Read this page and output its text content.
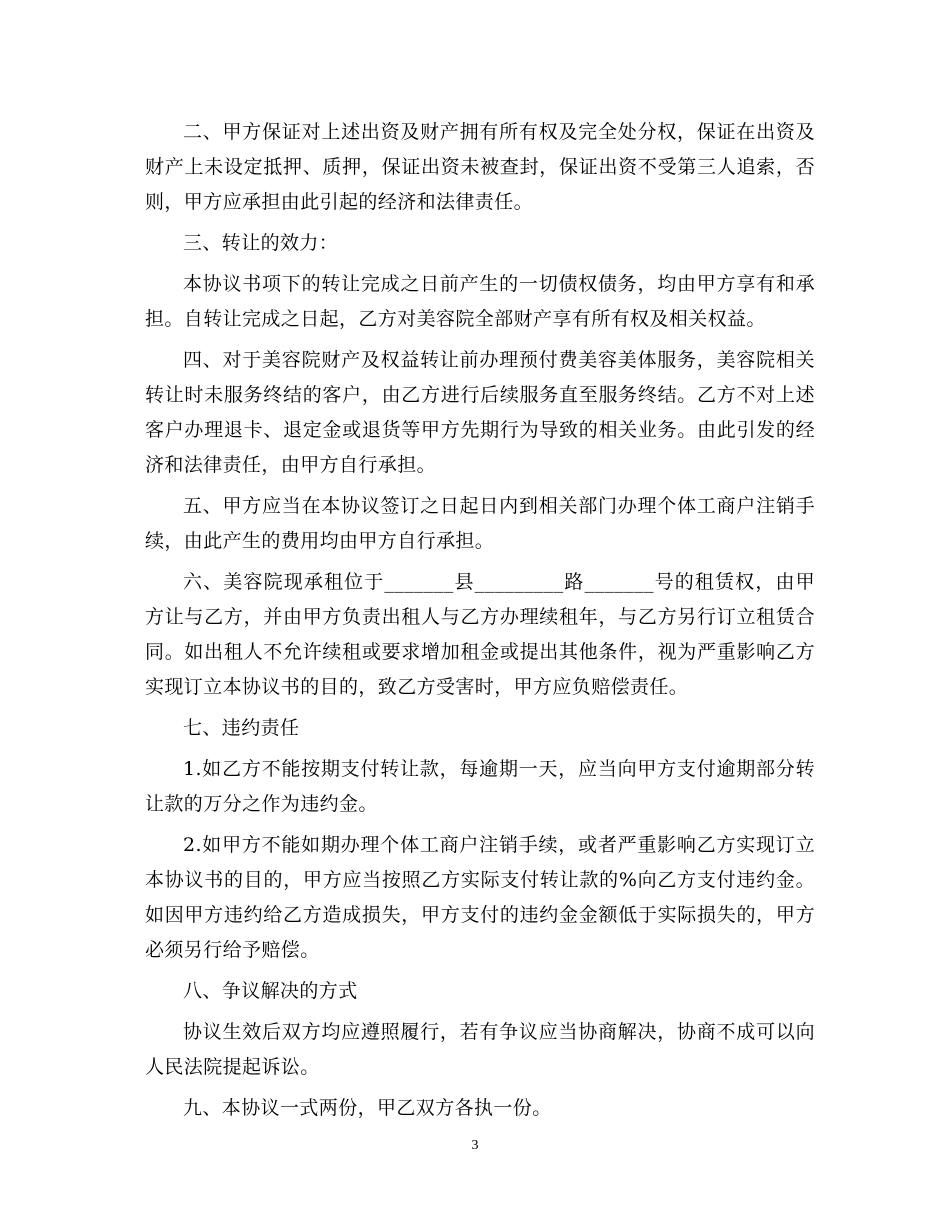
二、甲方保证对上述出资及财产拥有所有权及完全处分权，保证在出资及财产上未设定抵押、质押，保证出资未被查封，保证出资不受第三人追索，否则，甲方应承担由此引起的经济和法律责任。

三、转让的效力：

本协议书项下的转让完成之日前产生的一切债权债务，均由甲方享有和承担。自转让完成之日起，乙方对美容院全部财产享有所有权及相关权益。

四、对于美容院财产及权益转让前办理预付费美容美体服务，美容院相关转让时未服务终结的客户，由乙方进行后续服务直至服务终结。乙方不对上述客户办理退卡、退定金或退货等甲方先期行为导致的相关业务。由此引发的经济和法律责任，由甲方自行承担。

五、甲方应当在本协议签订之日起日内到相关部门办理个体工商户注销手续，由此产生的费用均由甲方自行承担。

六、美容院现承租位于_______县_________路_______号的租赁权，由甲方让与乙方，并由甲方负责出租人与乙方办理续租年，与乙方另行订立租赁合同。如出租人不允许续租或要求增加租金或提出其他条件，视为严重影响乙方实现订立本协议书的目的，致乙方受害时，甲方应负赔偿责任。

七、违约责任

1.如乙方不能按期支付转让款，每逾期一天，应当向甲方支付逾期部分转让款的万分之作为违约金。

2.如甲方不能如期办理个体工商户注销手续，或者严重影响乙方实现订立本协议书的目的，甲方应当按照乙方实际支付转让款的%向乙方支付违约金。如因甲方违约给乙方造成损失，甲方支付的违约金金额低于实际损失的，甲方必须另行给予赔偿。

八、争议解决的方式

协议生效后双方均应遵照履行，若有争议应当协商解决，协商不成可以向 人民法院提起诉讼。

九、本协议一式两份，甲乙双方各执一份。

3
